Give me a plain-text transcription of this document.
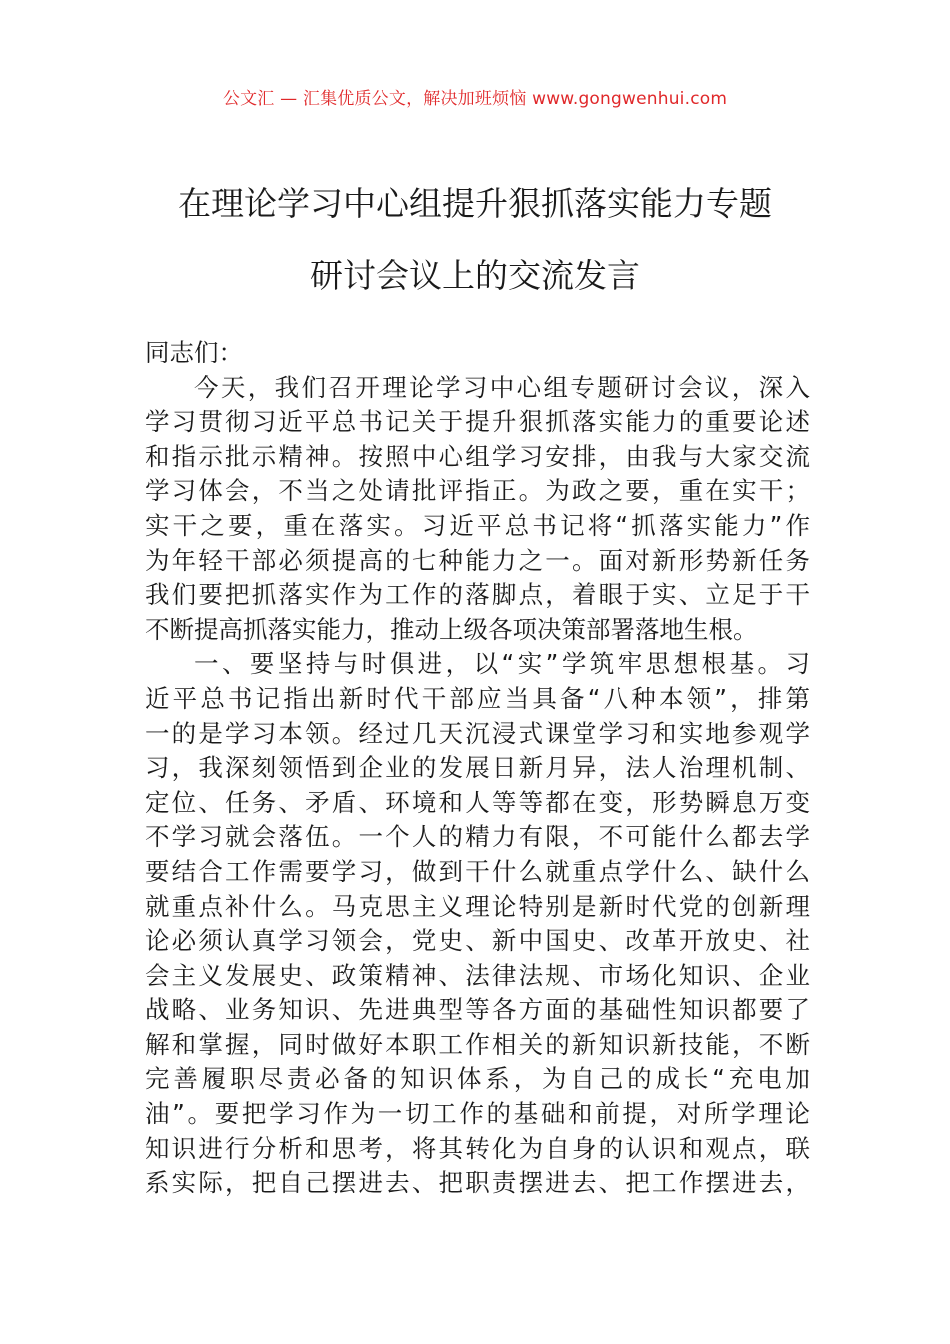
公文汇 — 汇集优质公文，解决加班烦恼 www.gongwenhui.com
在理论学习中心组提升狠抓落实能力专题
研讨会议上的交流发言
同志们：
今天，我们召开理论学习中心组专题研讨会议，深入
学习贯彻习近平总书记关于提升狠抓落实能力的重要论述
和指示批示精神。按照中心组学习安排，由我与大家交流
学习体会，不当之处请批评指正。为政之要，重在实干；
实干之要，重在落实。习近平总书记将“抓落实能力”作
为年轻干部必须提高的七种能力之一。面对新形势新任务
我们要把抓落实作为工作的落脚点，着眼于实、立足于干
不断提高抓落实能力，推动上级各项决策部署落地生根。
一、要坚持与时俱进，以“实”学筑牢思想根基。习
近平总书记指出新时代干部应当具备“八种本领”，排第
一的是学习本领。经过几天沉浸式课堂学习和实地参观学
习，我深刻领悟到企业的发展日新月异，法人治理机制、
定位、任务、矛盾、环境和人等等都在变，形势瞬息万变
不学习就会落伍。一个人的精力有限，不可能什么都去学
要结合工作需要学习，做到干什么就重点学什么、缺什么
就重点补什么。马克思主义理论特别是新时代党的创新理
论必须认真学习领会，党史、新中国史、改革开放史、社
会主义发展史、政策精神、法律法规、市场化知识、企业
战略、业务知识、先进典型等各方面的基础性知识都要了
解和掌握，同时做好本职工作相关的新知识新技能，不断
完善履职尽责必备的知识体系，为自己的成长“充电加
油”。要把学习作为一切工作的基础和前提，对所学理论
知识进行分析和思考，将其转化为自身的认识和观点，联
系实际，把自己摆进去、把职责摆进去、把工作摆进去，
